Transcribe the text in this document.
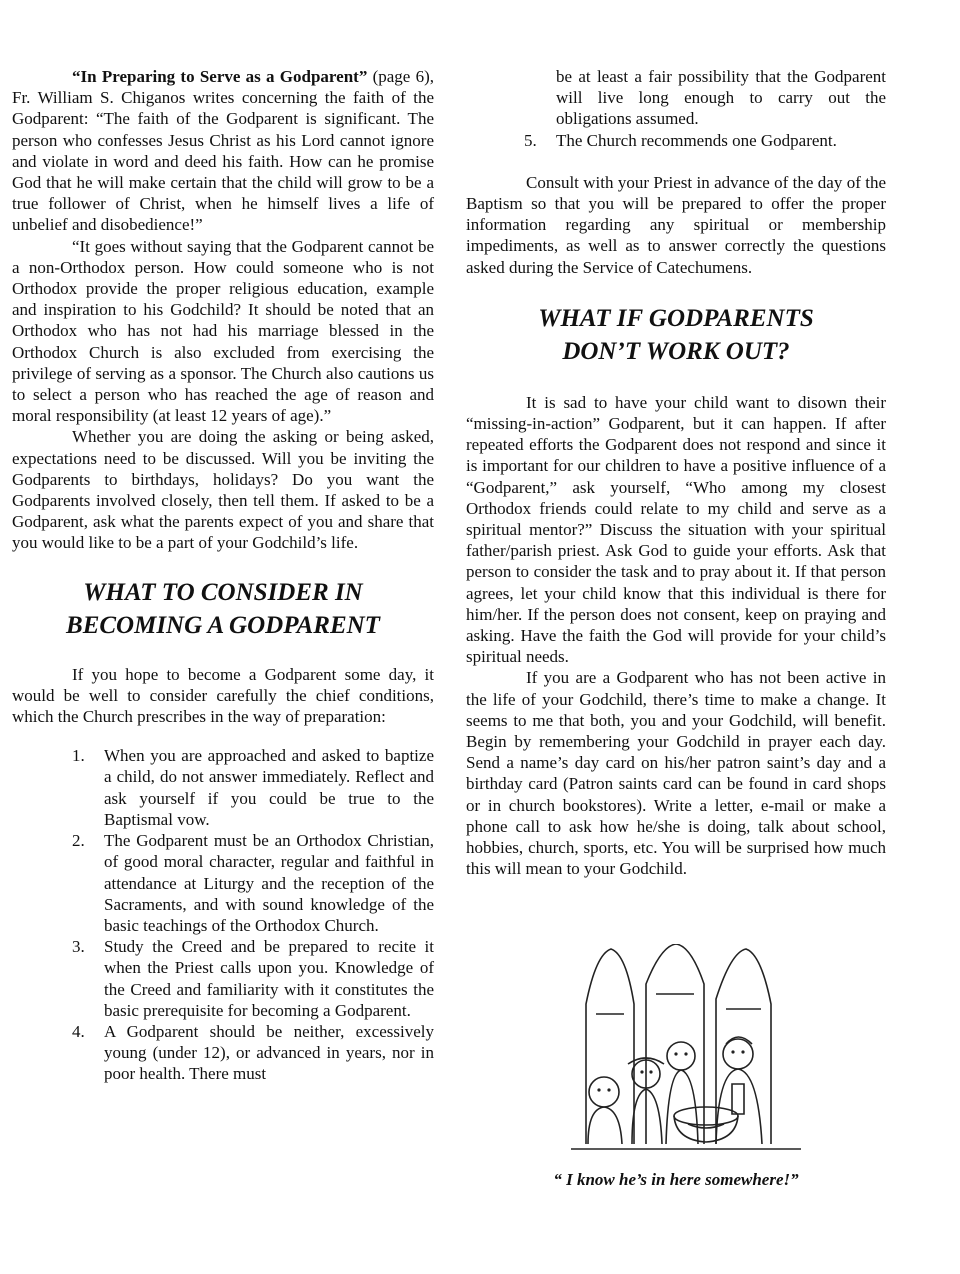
“In Preparing to Serve as a Godparent” (page 6), Fr. William S. Chiganos writes concerning the faith of the Godparent: “The faith of the Godparent is significant. The person who confesses Jesus Christ as his Lord cannot ignore and violate in word and deed his faith. How can he promise God that he will make certain that the child will grow to be a true follower of Christ, when he himself lives a life of unbelief and disobedience!”

“It goes without saying that the Godparent cannot be a non-Orthodox person. How could someone who is not Orthodox provide the proper religious education, example and inspiration to his Godchild? It should be noted that an Orthodox who has not had his marriage blessed in the Orthodox Church is also excluded from exercising the privilege of serving as a sponsor. The Church also cautions us to select a person who has reached the age of reason and moral responsibility (at least 12 years of age).”

Whether you are doing the asking or being asked, expectations need to be discussed. Will you be inviting the Godparents to birthdays, holidays? Do you want the Godparents involved closely, then tell them. If asked to be a Godparent, ask what the parents expect of you and share that you would like to be a part of your Godchild’s life.

WHAT TO CONSIDER IN
BECOMING A GODPARENT

If you hope to become a Godparent some day, it would be well to consider carefully the chief conditions, which the Church prescribes in the way of preparation:

1. When you are approached and asked to baptize a child, do not answer immediately. Reflect and ask yourself if you could be true to the Baptismal vow.
2. The Godparent must be an Orthodox Christian, of good moral character, regular and faithful in attendance at Liturgy and the reception of the Sacraments, and with sound knowledge of the basic teachings of the Orthodox Church.
3. Study the Creed and be prepared to recite it when the Priest calls upon you. Knowledge of the Creed and familiarity with it constitutes the basic prerequisite for becoming a Godparent.
4. A Godparent should be neither, excessively young (under 12), or advanced in years, nor in poor health. There must
be at least a fair possibility that the Godparent will live long enough to carry out the obligations assumed.
5. The Church recommends one Godparent.

Consult with your Priest in advance of the day of the Baptism so that you will be prepared to offer the proper information regarding any spiritual or membership impediments, as well as to answer correctly the questions asked during the Service of Catechumens.

WHAT IF GODPARENTS
DON’T WORK OUT?

It is sad to have your child want to disown their “missing-in-action” Godparent, but it can happen. If after repeated efforts the Godparent does not respond and since it is important for our children to have a positive influence of a “Godparent,” ask yourself, “Who among my closest Orthodox friends could relate to my child and serve as a spiritual mentor?” Discuss the situation with your spiritual father/parish priest. Ask God to guide your efforts. Ask that person to consider the task and to pray about it. If that person agrees, let your child know that this individual is there for him/her. If the person does not consent, keep on praying and asking. Have the faith the God will provide for your child’s spiritual needs.

If you are a Godparent who has not been active in the life of your Godchild, there’s time to make a change. It seems to me that both, you and your Godchild, will benefit. Begin by remembering your Godchild in prayer each day. Send a name’s day card on his/her patron saint’s day and a birthday card (Patron saints card can be found in card shops or in church bookstores). Write a letter, e-mail or make a phone call to ask how he/she is doing, talk about school, hobbies, church, sports, etc. You will be surprised how much this will mean to your Godchild.

“ I know he’s in here somewhere!”
